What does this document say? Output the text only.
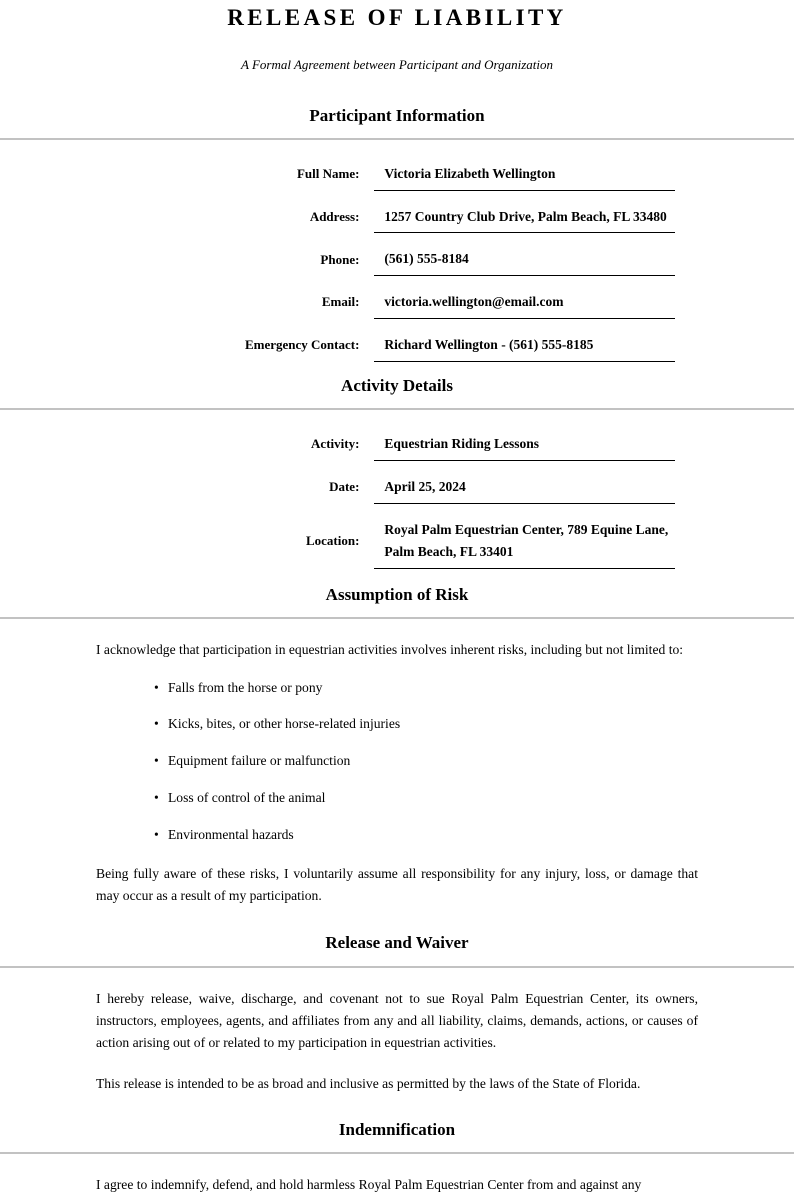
RELEASE OF LIABILITY
A Formal Agreement between Participant and Organization
Participant Information
Full Name:	Victoria Elizabeth Wellington

Address:	1257 Country Club Drive, Palm Beach, FL 33480

Phone:	(561) 555-8184

Email:	victoria.wellington@email.com

Emergency Contact:	Richard Wellington - (561) 555-8185
Activity Details
Activity:	Equestrian Riding Lessons

Date:	April 25, 2024

Location:	Royal Palm Equestrian Center, 789 Equine Lane, Palm Beach, FL 33401
Assumption of Risk

I acknowledge that participation in equestrian activities involves inherent risks, including but not limited to:

• Falls from the horse or pony
• Kicks, bites, or other horse-related injuries
• Equipment failure or malfunction
• Loss of control of the animal
• Environmental hazards

Being fully aware of these risks, I voluntarily assume all responsibility for any injury, loss, or damage that may occur as a result of my participation.

Release and Waiver

I hereby release, waive, discharge, and covenant not to sue Royal Palm Equestrian Center, its owners, instructors, employees, agents, and affiliates from any and all liability, claims, demands, actions, or causes of action arising out of or related to my participation in equestrian activities.

This release is intended to be as broad and inclusive as permitted by the laws of the State of Florida.

Indemnification

I agree to indemnify, defend, and hold harmless Royal Palm Equestrian Center from and against any
